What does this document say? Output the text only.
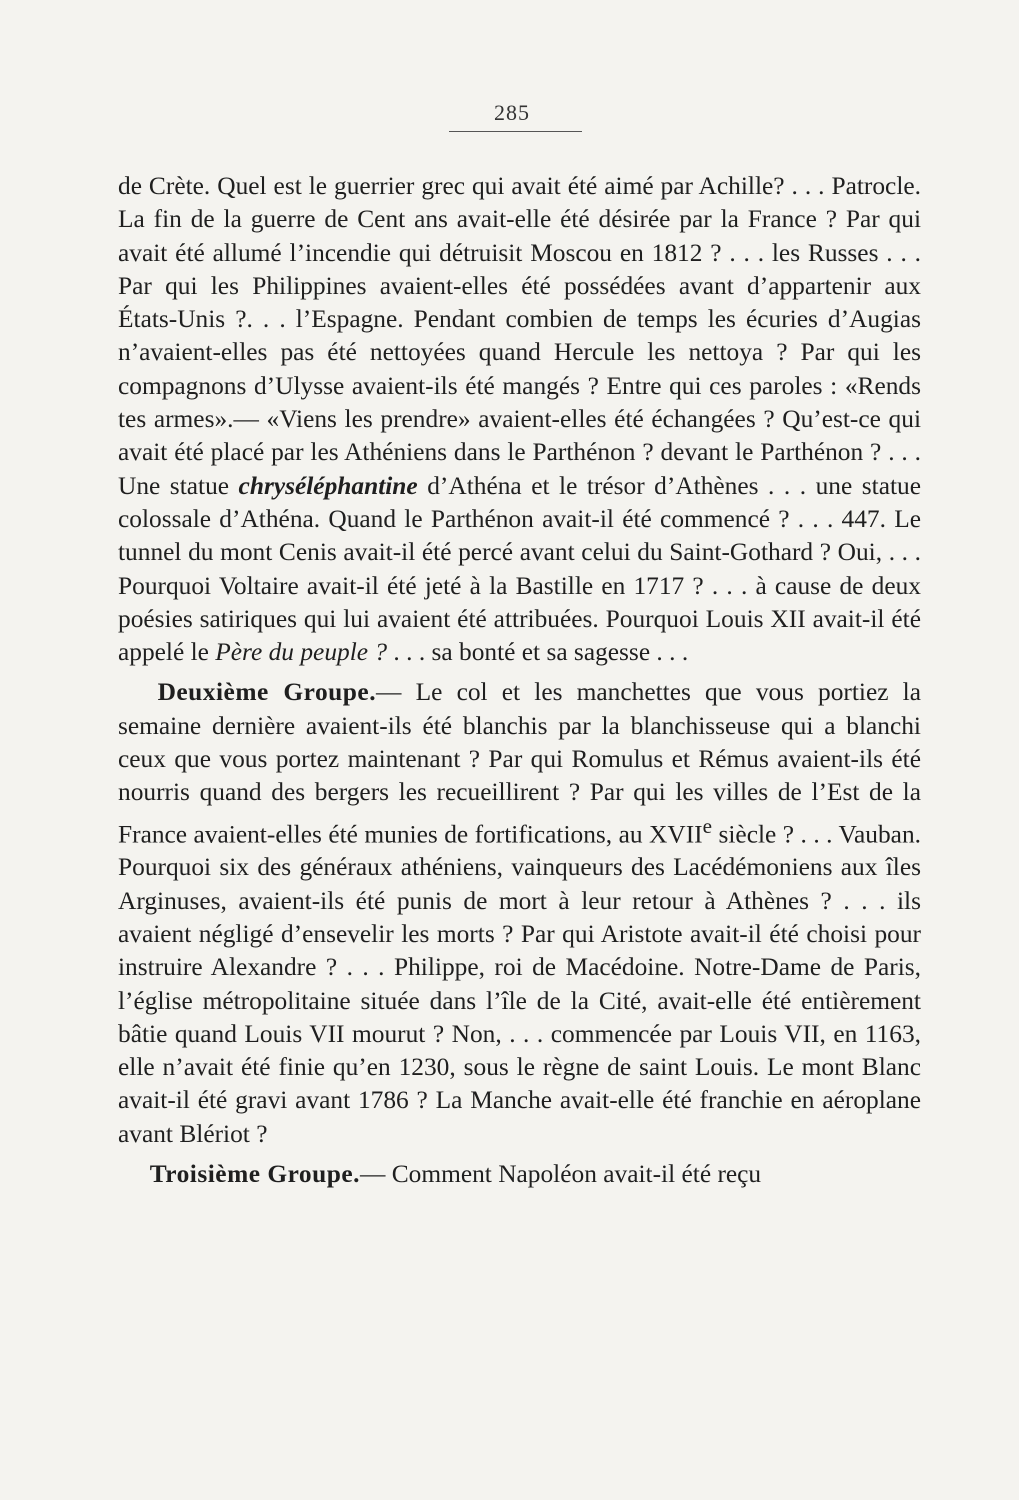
285

de Crète. Quel est le guerrier grec qui avait été aimé par Achille? . . . Patrocle. La fin de la guerre de Cent ans avait-elle été désirée par la France ? Par qui avait été allumé l’incendie qui détruisit Moscou en 1812 ? . . . les Russes . . . Par qui les Philippines avaient-elles été possédées avant d’appartenir aux États-Unis ?. . . l’Espagne. Pendant combien de temps les écuries d’Augias n’avaient-elles pas été nettoyées quand Hercule les nettoya ? Par qui les compagnons d’Ulysse avaient-ils été mangés ? Entre qui ces paroles : «Rends tes armes».— «Viens les prendre» avaient-elles été échangées ? Qu’est-ce qui avait été placé par les Athéniens dans le Parthénon ? devant le Parthénon ? . . . Une statue chryséléphantine d’Athéna et le trésor d’Athènes . . . une statue colossale d’Athéna. Quand le Parthénon avait-il été commencé ? . . . 447. Le tunnel du mont Cenis avait-il été percé avant celui du Saint-Gothard ? Oui, . . . Pourquoi Voltaire avait-il été jeté à la Bastille en 1717 ? . . . à cause de deux poésies satiriques qui lui avaient été attribuées. Pourquoi Louis XII avait-il été appelé le Père du peuple ? . . . sa bonté et sa sagesse . . .

  Deuxième Groupe.— Le col et les manchettes que vous portiez la semaine dernière avaient-ils été blanchis par la blanchisseuse qui a blanchi ceux que vous portez maintenant ? Par qui Romulus et Rémus avaient-ils été nourris quand des bergers les recueillirent ? Par qui les villes de l’Est de la France avaient-elles été munies de fortifications, au XVIIe siècle ? . . . Vauban. Pourquoi six des généraux athéniens, vainqueurs des Lacédémoniens aux îles Arginuses, avaient-ils été punis de mort à leur retour à Athènes ? . . . ils avaient négligé d’ensevelir les morts ? Par qui Aristote avait-il été choisi pour instruire Alexandre ? . . . Philippe, roi de Macédoine. Notre-Dame de Paris, l’église métropolitaine située dans l’île de la Cité, avait-elle été entièrement bâtie quand Louis VII mourut ? Non, . . . commencée par Louis VII, en 1163, elle n’avait été finie qu’en 1230, sous le règne de saint Louis. Le mont Blanc avait-il été gravi avant 1786 ? La Manche avait-elle été franchie en aéroplane avant Blériot ?

  Troisième Groupe.— Comment Napoléon avait-il été reçu
